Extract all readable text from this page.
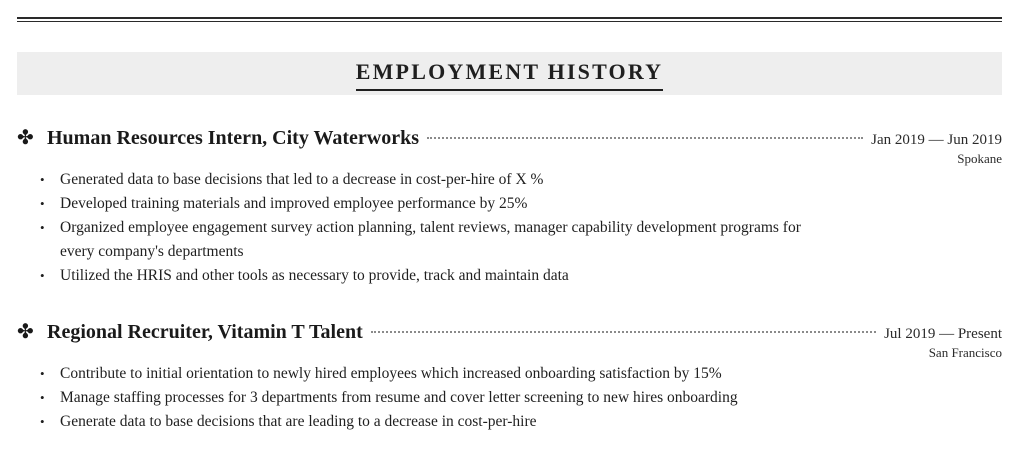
EMPLOYMENT HISTORY
✤ Human Resources Intern, City Waterworks	Jan 2019 — Jun 2019
Spokane
• Generated data to base decisions that led to a decrease in cost-per-hire of X %
• Developed training materials and improved employee performance by 25%
• Organized employee engagement survey action planning, talent reviews, manager capability development programs for every company's departments
• Utilized the HRIS and other tools as necessary to provide, track and maintain data
✤ Regional Recruiter, Vitamin T Talent	Jul 2019 — Present
San Francisco
• Contribute to initial orientation to newly hired employees which increased onboarding satisfaction by 15%
• Manage staffing processes for 3 departments from resume and cover letter screening to new hires onboarding
• Generate data to base decisions that are leading to a decrease in cost-per-hire
